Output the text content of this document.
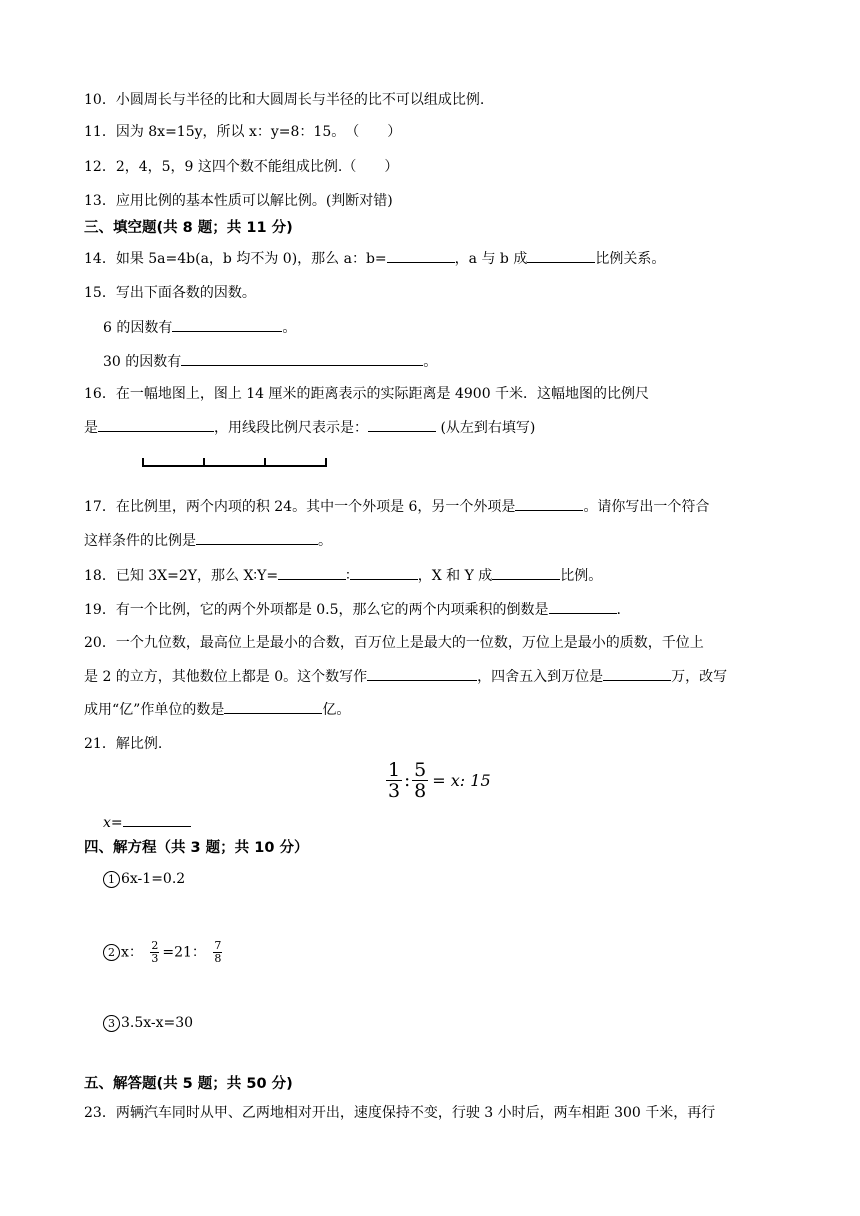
10．小圆周长与半径的比和大圆周长与半径的比不可以组成比例.
11．因为 8x=15y，所以 x：y=8：15。　（　　）
12．2，4，5，9 这四个数不能组成比例.（　　）
13．应用比例的基本性质可以解比例。(判断对错)
三、填空题(共 8 题；共 11 分)
14．如果 5a=4b(a，b 均不为 0)，那么 a：b=	，a 与 b 成	比例关系。
15．写出下面各数的因数。
6 的因数有	。
30 的因数有	。
16．在一幅地图上，图上 14 厘米的距离表示的实际距离是 4900 千米．这幅地图的比例尺
是	，用线段比例尺表示是：	(从左到右填写)
17．在比例里，两个内项的积 24。其中一个外项是 6，另一个外项是	。请你写出一个符合
这样条件的比例是	。
18．已知 3X=2Y，那么 X∶Y=	∶	，X 和 Y 成	比例。
19．有一个比例，它的两个外项都是 0.5，那么它的两个内项乘积的倒数是	.
20．一个九位数，最高位上是最小的合数，百万位上是最大的一位数，万位上是最小的质数，千位上
是 2 的立方，其他数位上都是 0。这个数写作	，四舍五入到万位是	万，改写
成用“亿”作单位的数是	亿。
21．解比例.
1
3 : $\frac{5}{8} = x$: 15
x=
四、解方程（共 3 题；共 10 分）
1 6x-1=0.2
2 x： $\frac{2}{3} =21$： $\frac{7}{8}$
3 3.5x-x=30
五、解答题(共 5 题；共 50 分)
23．两辆汽车同时从甲、乙两地相对开出，速度保持不变，行驶 3 小时后，两车相距 300 千米，再行
